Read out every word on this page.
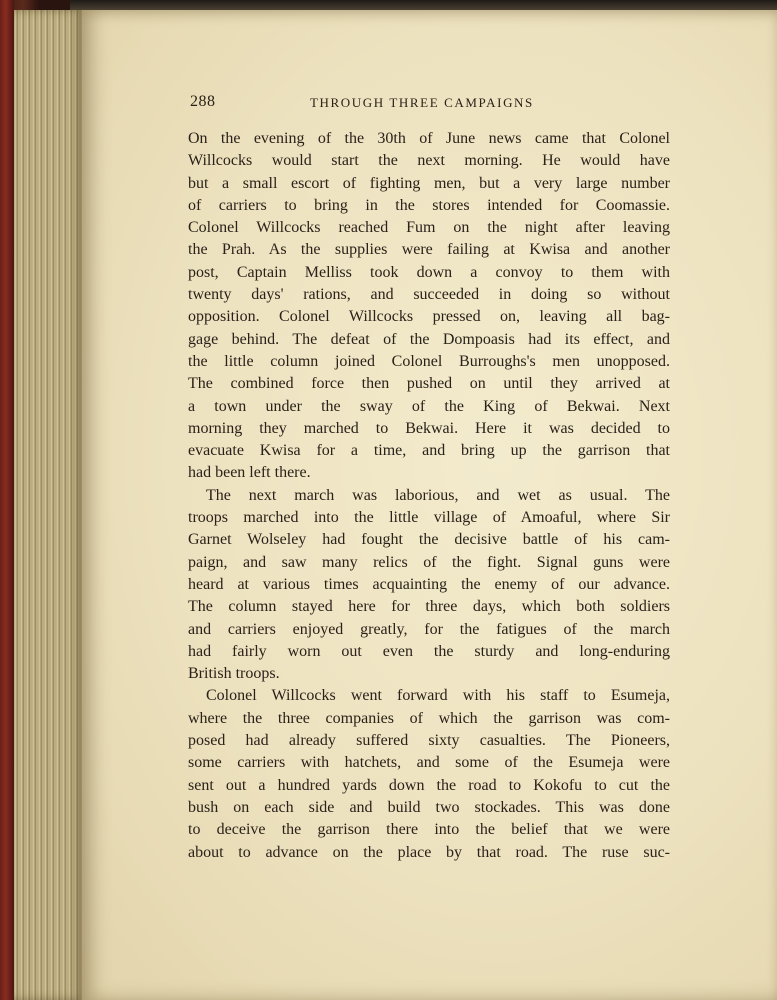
288	THROUGH THREE CAMPAIGNS
On the evening of the 30th of June news came that Colonel
Willcocks would start the next morning. He would have
but a small escort of fighting men, but a very large number
of carriers to bring in the stores intended for Coomassie.
Colonel Willcocks reached Fum on the night after leaving
the Prah. As the supplies were failing at Kwisa and another
post, Captain Melliss took down a convoy to them with
twenty days' rations, and succeeded in doing so without
opposition. Colonel Willcocks pressed on, leaving all bag-
gage behind. The defeat of the Dompoasis had its effect, and
the little column joined Colonel Burroughs's men unopposed.
The combined force then pushed on until they arrived at
a town under the sway of the King of Bekwai. Next
morning they marched to Bekwai. Here it was decided to
evacuate Kwisa for a time, and bring up the garrison that
had been left there.
The next march was laborious, and wet as usual. The
troops marched into the little village of Amoaful, where Sir
Garnet Wolseley had fought the decisive battle of his cam-
paign, and saw many relics of the fight. Signal guns were
heard at various times acquainting the enemy of our advance.
The column stayed here for three days, which both soldiers
and carriers enjoyed greatly, for the fatigues of the march
had fairly worn out even the sturdy and long-enduring
British troops.
Colonel Willcocks went forward with his staff to Esumeja,
where the three companies of which the garrison was com-
posed had already suffered sixty casualties. The Pioneers,
some carriers with hatchets, and some of the Esumeja were
sent out a hundred yards down the road to Kokofu to cut the
bush on each side and build two stockades. This was done
to deceive the garrison there into the belief that we were
about to advance on the place by that road. The ruse suc-
